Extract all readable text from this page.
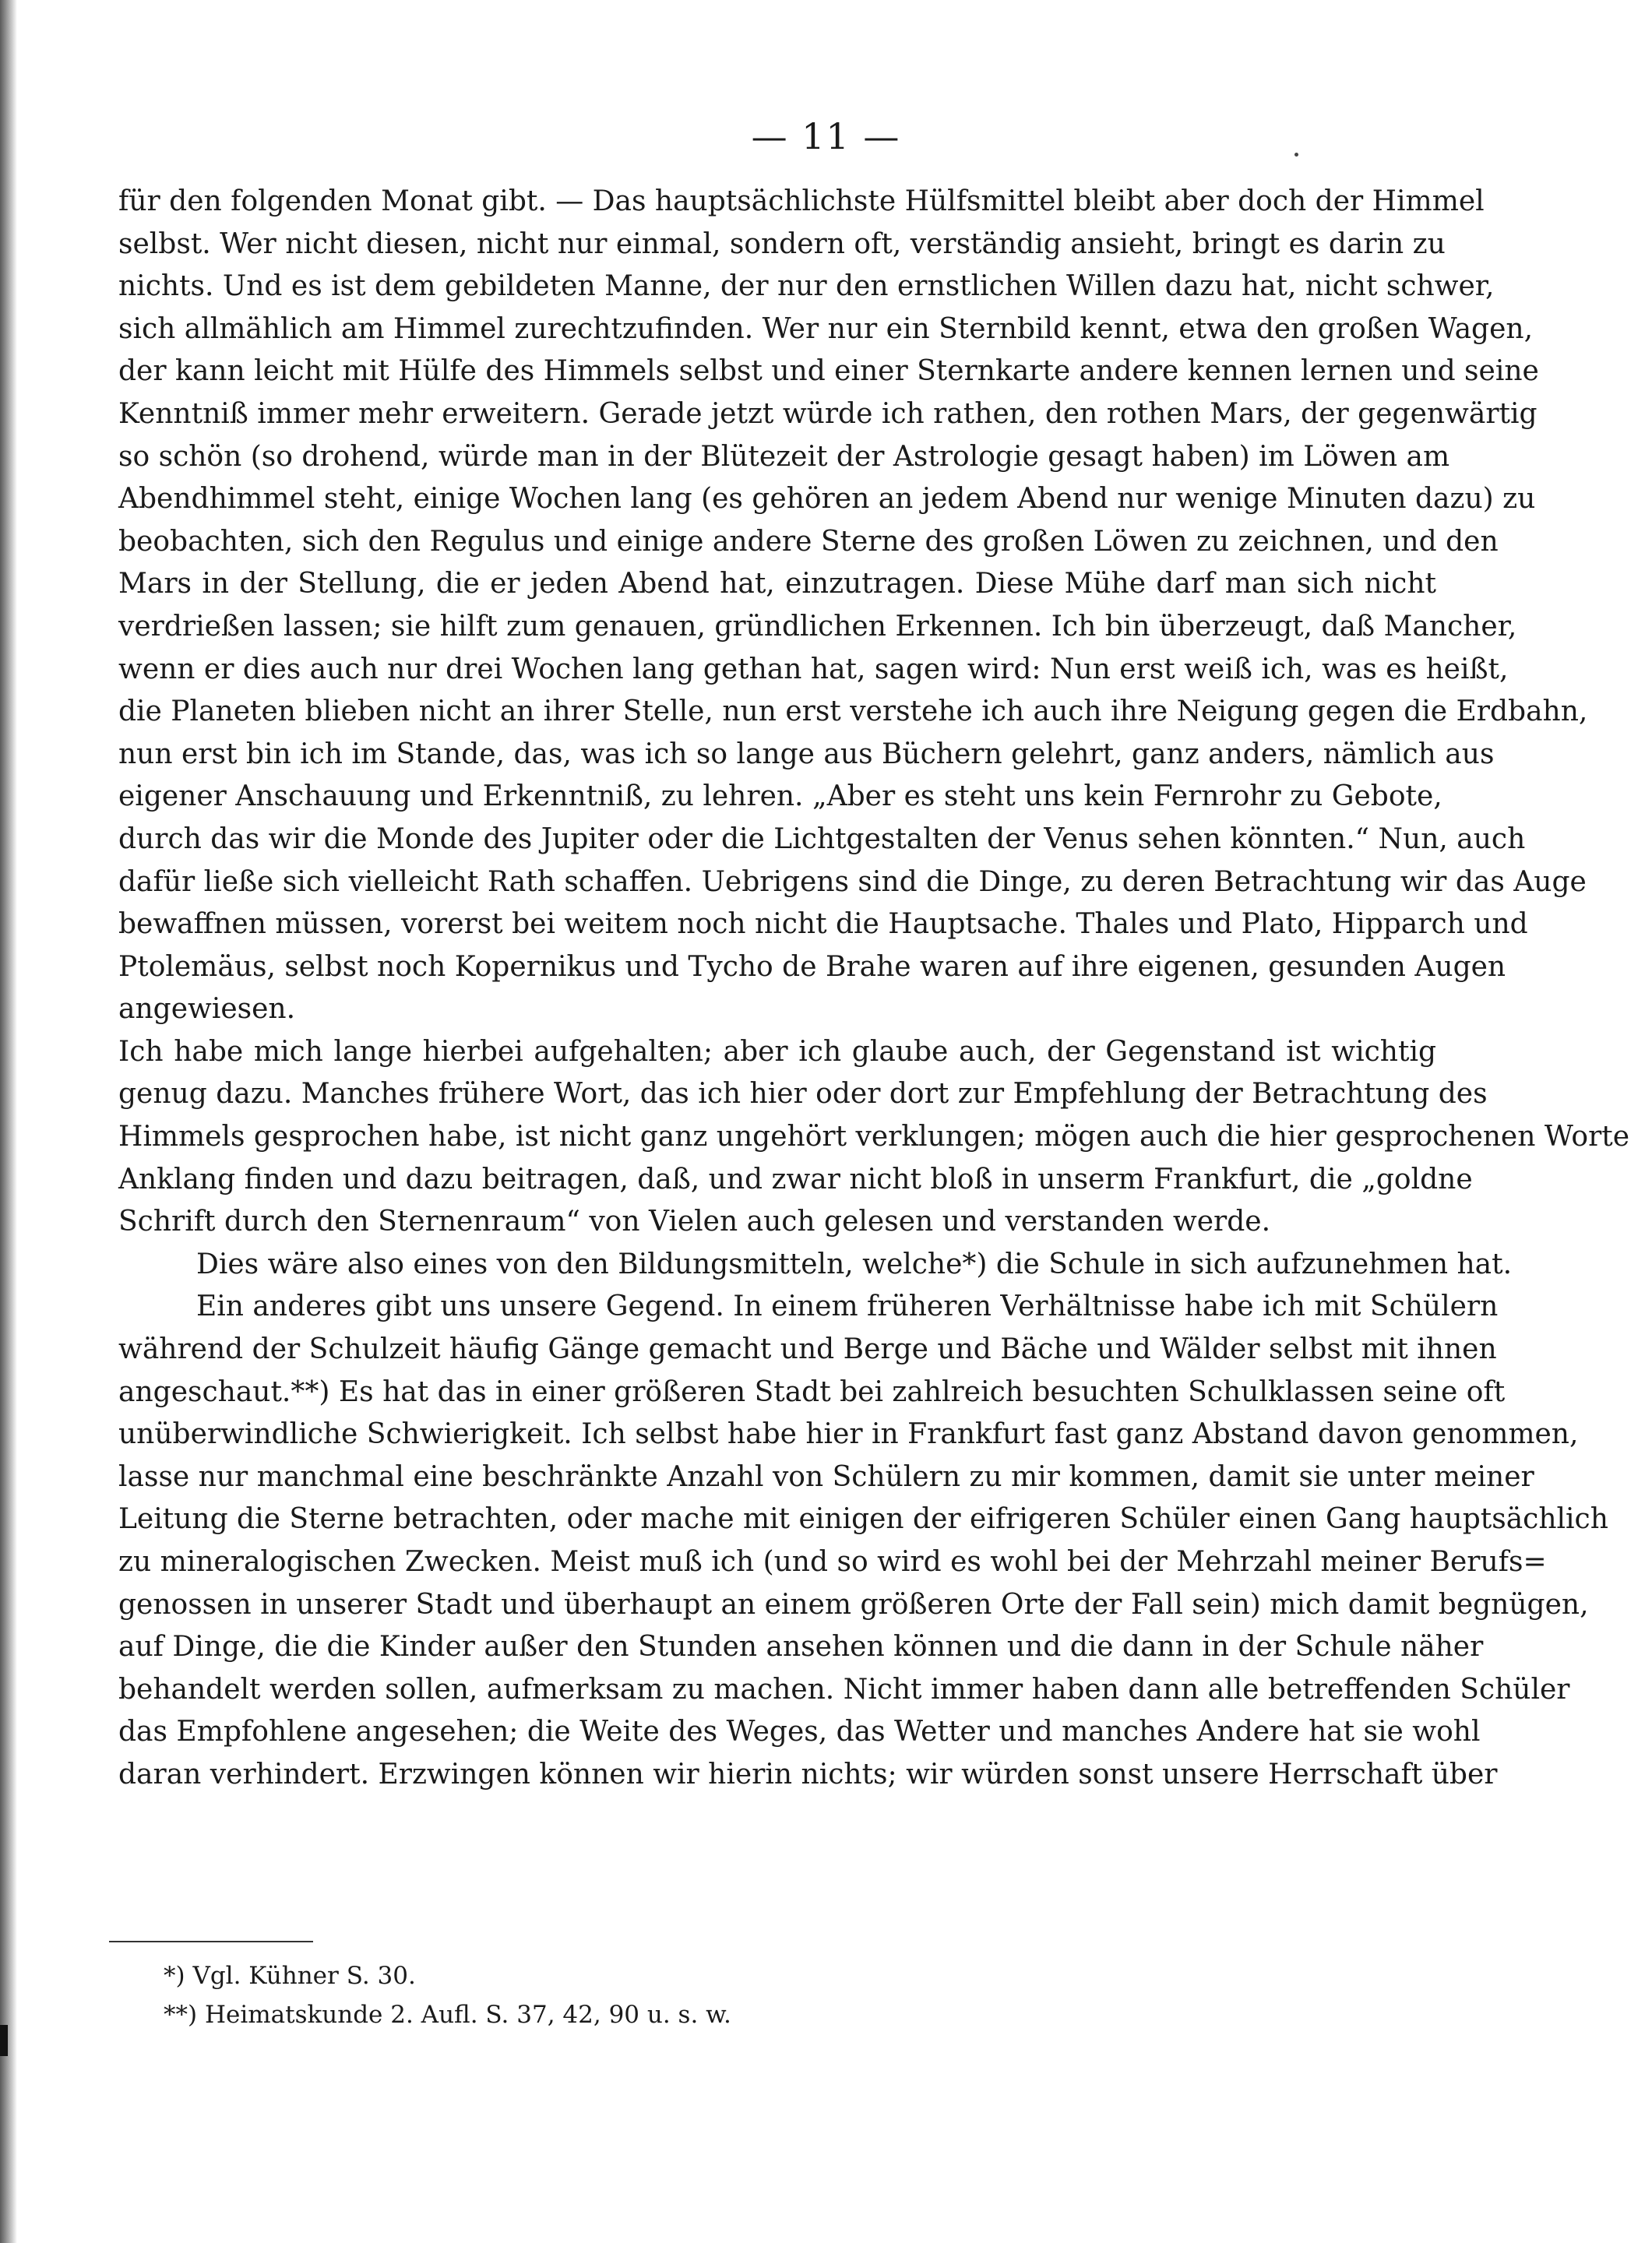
— 11 —
für den folgenden Monat gibt. — Das hauptsächlichste Hülfsmittel bleibt aber doch der Himmel
selbst. Wer nicht diesen, nicht nur einmal, sondern oft, verständig ansieht, bringt es darin zu
nichts. Und es ist dem gebildeten Manne, der nur den ernstlichen Willen dazu hat, nicht schwer,
sich allmählich am Himmel zurechtzufinden. Wer nur ein Sternbild kennt, etwa den großen Wagen,
der kann leicht mit Hülfe des Himmels selbst und einer Sternkarte andere kennen lernen und seine
Kenntniß immer mehr erweitern. Gerade jetzt würde ich rathen, den rothen Mars, der gegenwärtig
so schön (so drohend, würde man in der Blütezeit der Astrologie gesagt haben) im Löwen am
Abendhimmel steht, einige Wochen lang (es gehören an jedem Abend nur wenige Minuten dazu) zu
beobachten, sich den Regulus und einige andere Sterne des großen Löwen zu zeichnen, und den
Mars in der Stellung, die er jeden Abend hat, einzutragen. Diese Mühe darf man sich nicht
verdrießen lassen; sie hilft zum genauen, gründlichen Erkennen. Ich bin überzeugt, daß Mancher,
wenn er dies auch nur drei Wochen lang gethan hat, sagen wird: Nun erst weiß ich, was es heißt,
die Planeten blieben nicht an ihrer Stelle, nun erst verstehe ich auch ihre Neigung gegen die Erdbahn,
nun erst bin ich im Stande, das, was ich so lange aus Büchern gelehrt, ganz anders, nämlich aus
eigener Anschauung und Erkenntniß, zu lehren. „Aber es steht uns kein Fernrohr zu Gebote,
durch das wir die Monde des Jupiter oder die Lichtgestalten der Venus sehen könnten.“ Nun, auch
dafür ließe sich vielleicht Rath schaffen. Uebrigens sind die Dinge, zu deren Betrachtung wir das Auge
bewaffnen müssen, vorerst bei weitem noch nicht die Hauptsache. Thales und Plato, Hipparch und
Ptolemäus, selbst noch Kopernikus und Tycho de Brahe waren auf ihre eigenen, gesunden Augen
angewiesen.
Ich habe mich lange hierbei aufgehalten; aber ich glaube auch, der Gegenstand ist wichtig
genug dazu. Manches frühere Wort, das ich hier oder dort zur Empfehlung der Betrachtung des
Himmels gesprochen habe, ist nicht ganz ungehört verklungen; mögen auch die hier gesprochenen Worte
Anklang finden und dazu beitragen, daß, und zwar nicht bloß in unserm Frankfurt, die „goldne
Schrift durch den Sternenraum“ von Vielen auch gelesen und verstanden werde.
Dies wäre also eines von den Bildungsmitteln, welche*) die Schule in sich aufzunehmen hat.
Ein anderes gibt uns unsere Gegend. In einem früheren Verhältnisse habe ich mit Schülern
während der Schulzeit häufig Gänge gemacht und Berge und Bäche und Wälder selbst mit ihnen
angeschaut.**) Es hat das in einer größeren Stadt bei zahlreich besuchten Schulklassen seine oft
unüberwindliche Schwierigkeit. Ich selbst habe hier in Frankfurt fast ganz Abstand davon genommen,
lasse nur manchmal eine beschränkte Anzahl von Schülern zu mir kommen, damit sie unter meiner
Leitung die Sterne betrachten, oder mache mit einigen der eifrigeren Schüler einen Gang hauptsächlich
zu mineralogischen Zwecken. Meist muß ich (und so wird es wohl bei der Mehrzahl meiner Berufs=
genossen in unserer Stadt und überhaupt an einem größeren Orte der Fall sein) mich damit begnügen,
auf Dinge, die die Kinder außer den Stunden ansehen können und die dann in der Schule näher
behandelt werden sollen, aufmerksam zu machen. Nicht immer haben dann alle betreffenden Schüler
das Empfohlene angesehen; die Weite des Weges, das Wetter und manches Andere hat sie wohl
daran verhindert. Erzwingen können wir hierin nichts; wir würden sonst unsere Herrschaft über
*) Vgl. Kühner S. 30.
**) Heimatskunde 2. Aufl. S. 37, 42, 90 u. s. w.
